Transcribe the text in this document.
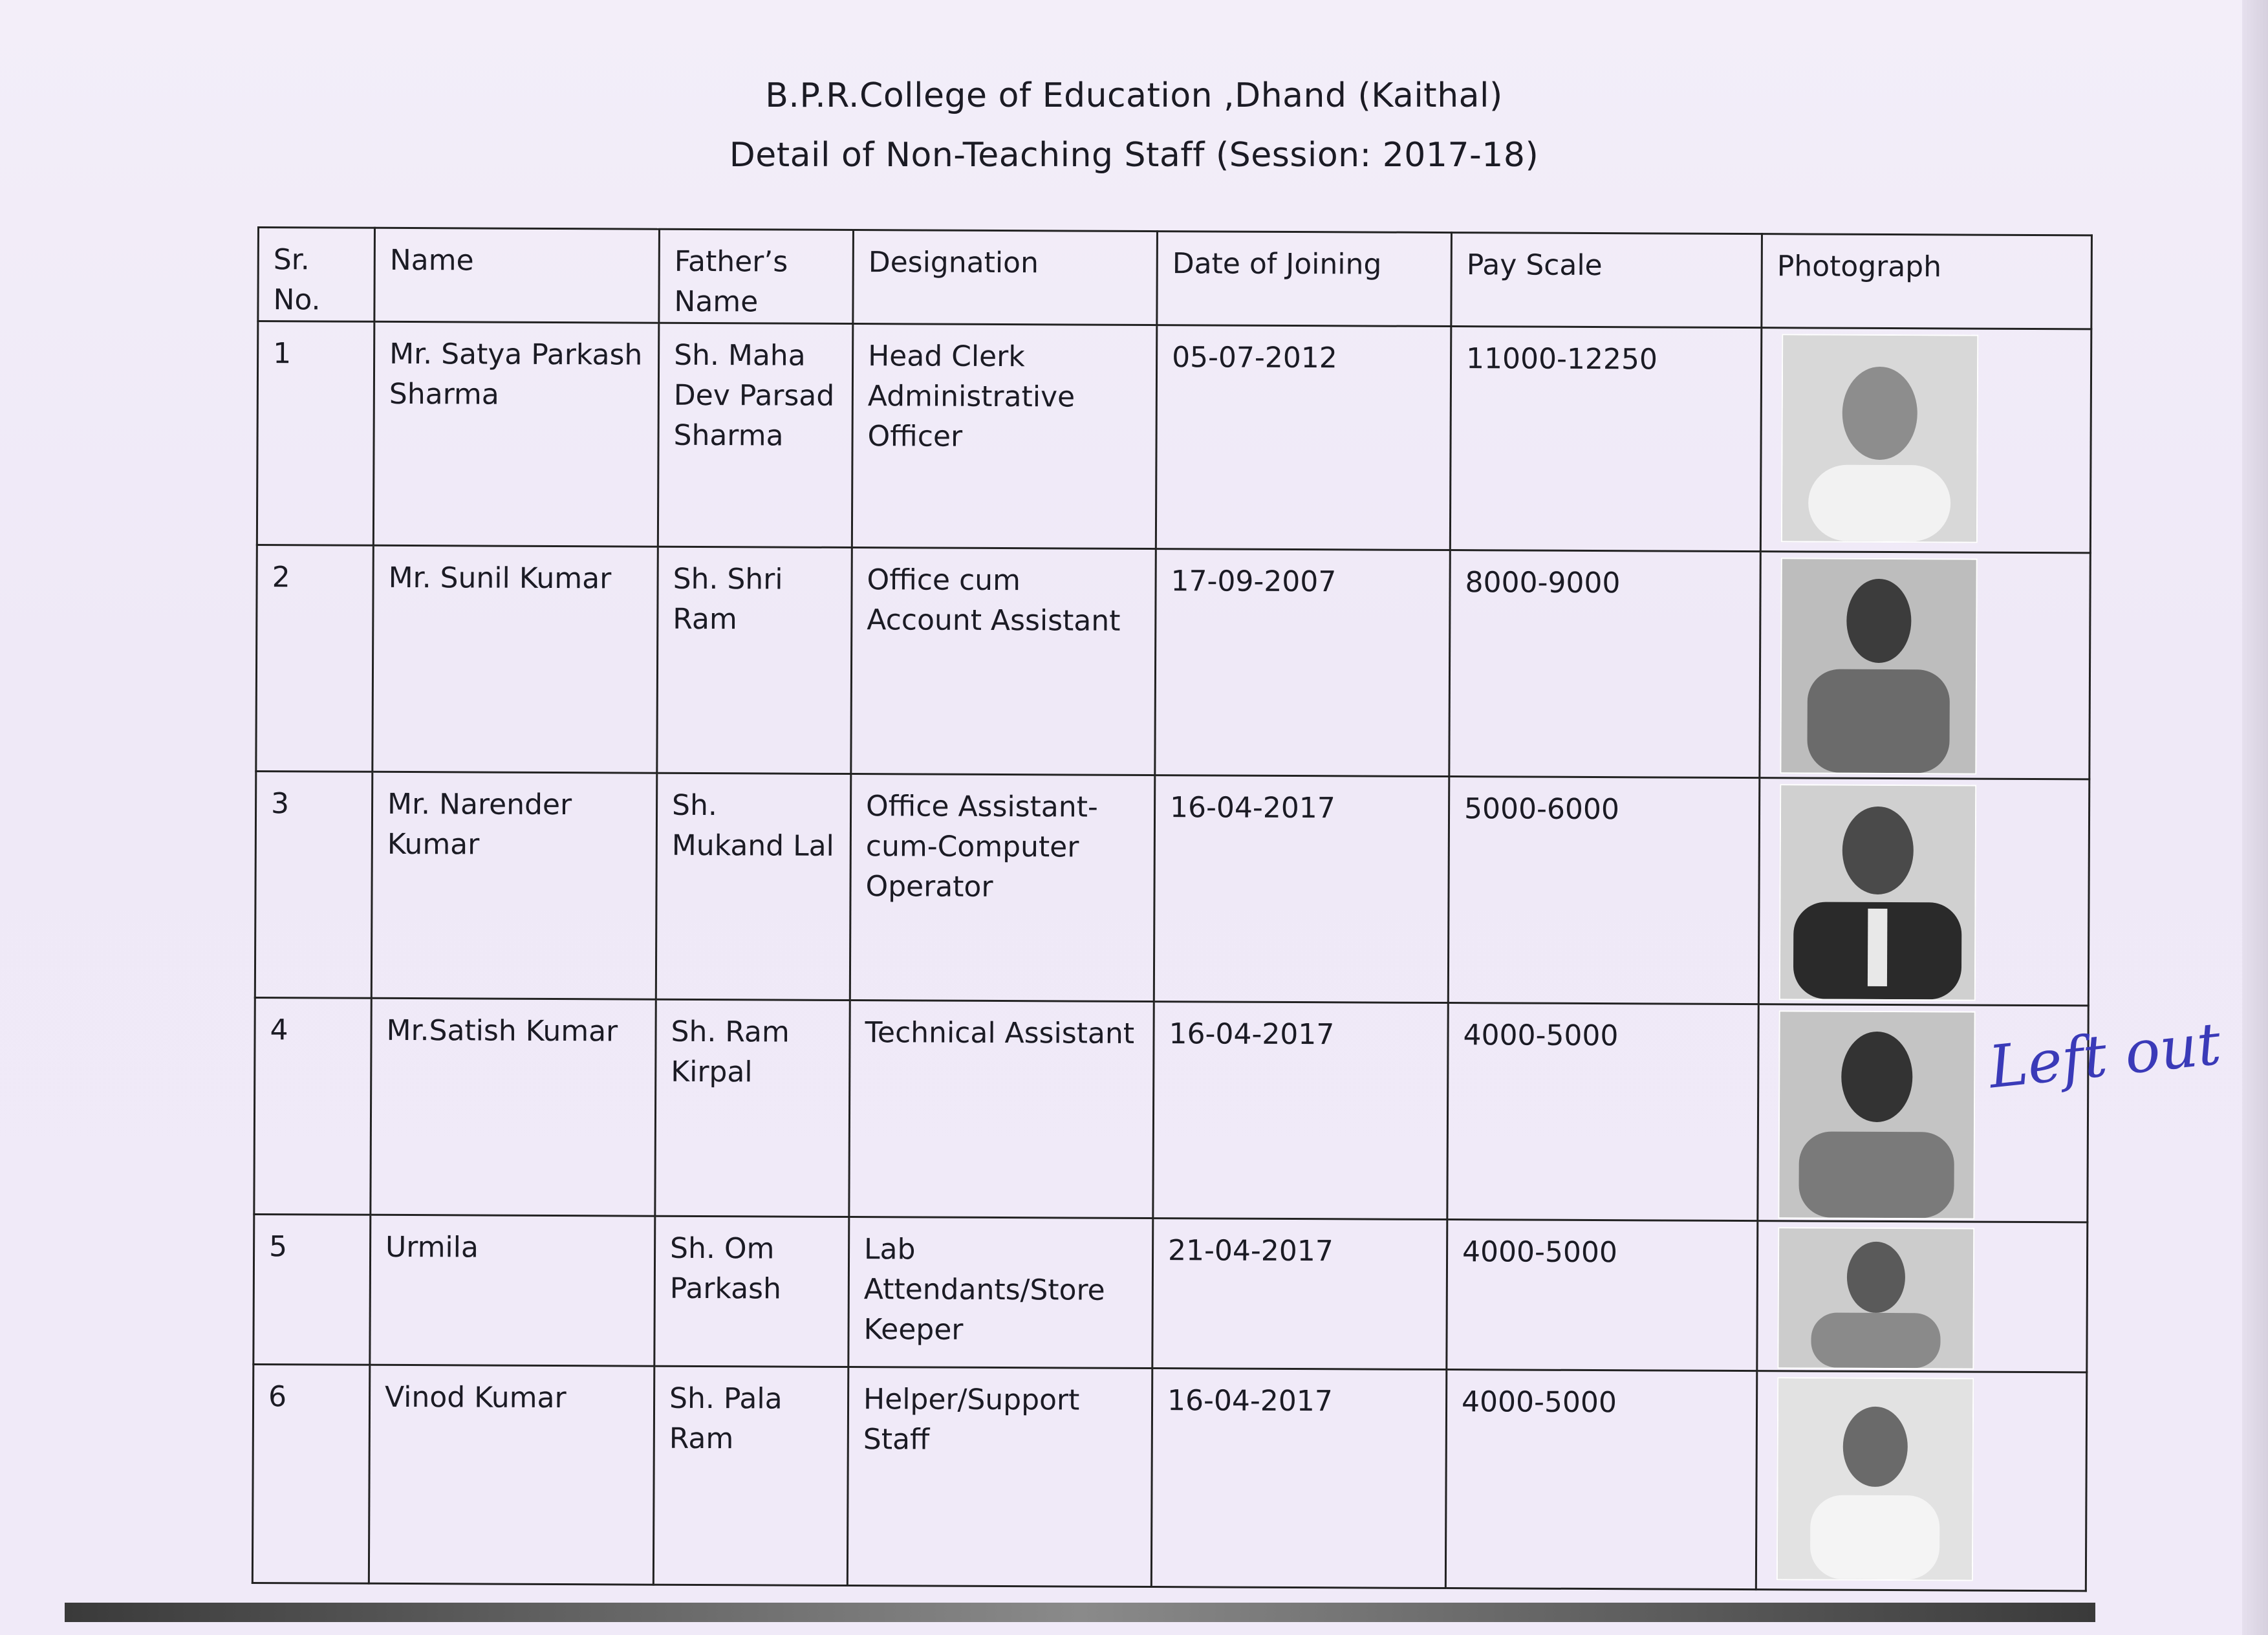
B.P.R.College of Education ,Dhand (Kaithal)
Detail of Non-Teaching Staff (Session: 2017-18)
Sr. No.	Name	Father’s Name	Designation	Date of Joining	Pay Scale	Photograph
1	Mr. Satya Parkash Sharma	Sh. Maha Dev Parsad Sharma	Head Clerk Administrative Officer	05-07-2012	11000-12250	

2	Mr. Sunil Kumar	Sh. Shri Ram	Office cum Account Assistant	17-09-2007	8000-9000	

3	Mr. Narender Kumar	Sh. Mukand Lal	Office Assistant-cum-Computer Operator	16-04-2017	5000-6000	

4	Mr.Satish Kumar	Sh. Ram Kirpal	Technical Assistant	16-04-2017	4000-5000	

5	Urmila	Sh. Om Parkash	Lab Attendants/Store Keeper	21-04-2017	4000-5000	

6	Vinod Kumar	Sh. Pala Ram	Helper/Support Staff	16-04-2017	4000-5000	
Left out
